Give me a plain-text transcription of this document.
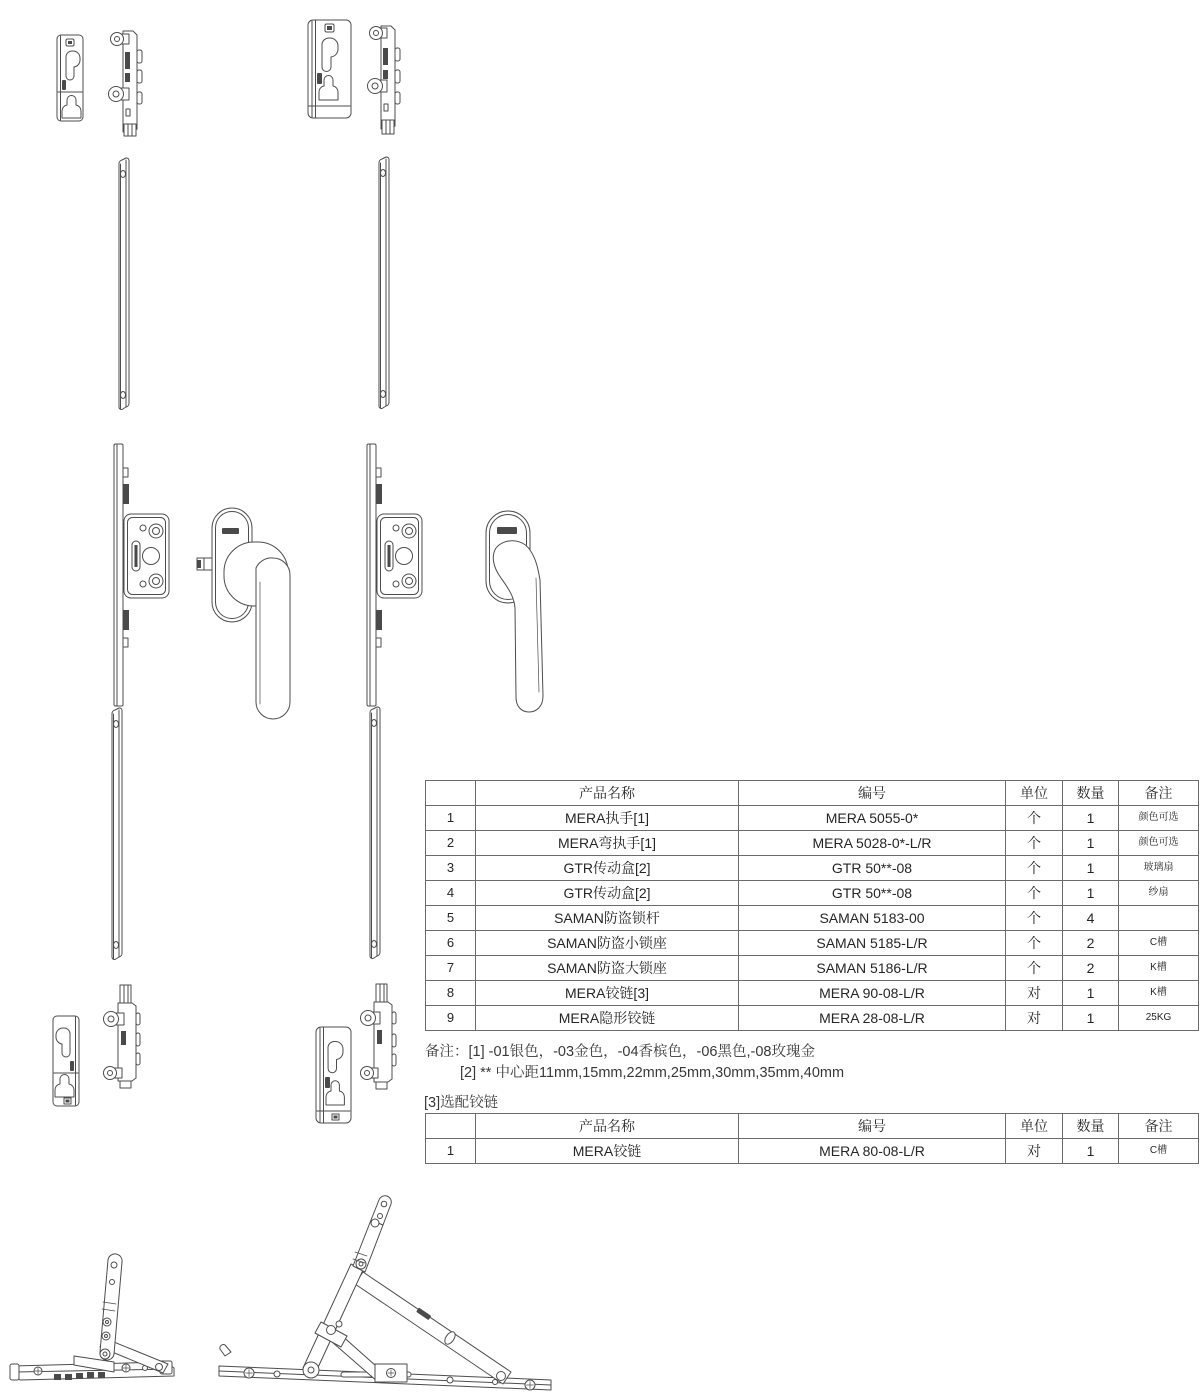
	产品名称	编号	单位	数量	备注
1	MERA执手[1]	MERA 5055-0*	个	1	颜色可选
2	MERA弯执手[1]	MERA 5028-0*-L/R	个	1	颜色可选
3	GTR传动盒[2]	GTR 50**-08	个	1	玻璃扇
4	GTR传动盒[2]	GTR 50**-08	个	1	纱扇
5	SAMAN防盗锁杆	SAMAN 5183-00	个	4	
6	SAMAN防盗小锁座	SAMAN 5185-L/R	个	2	C槽
7	SAMAN防盗大锁座	SAMAN 5186-L/R	个	2	K槽
8	MERA铰链[3]	MERA 90-08-L/R	对	1	K槽
9	MERA隐形铰链	MERA 28-08-L/R	对	1	25KG
备注：[1] -01银色，-03金色，-04香槟色，-06黑色,-08玫瑰金
[2] ** 中心距11mm,15mm,22mm,25mm,30mm,35mm,40mm
[3]选配铰链
	产品名称	编号	单位	数量	备注
1	MERA铰链	MERA 80-08-L/R	对	1	C槽
